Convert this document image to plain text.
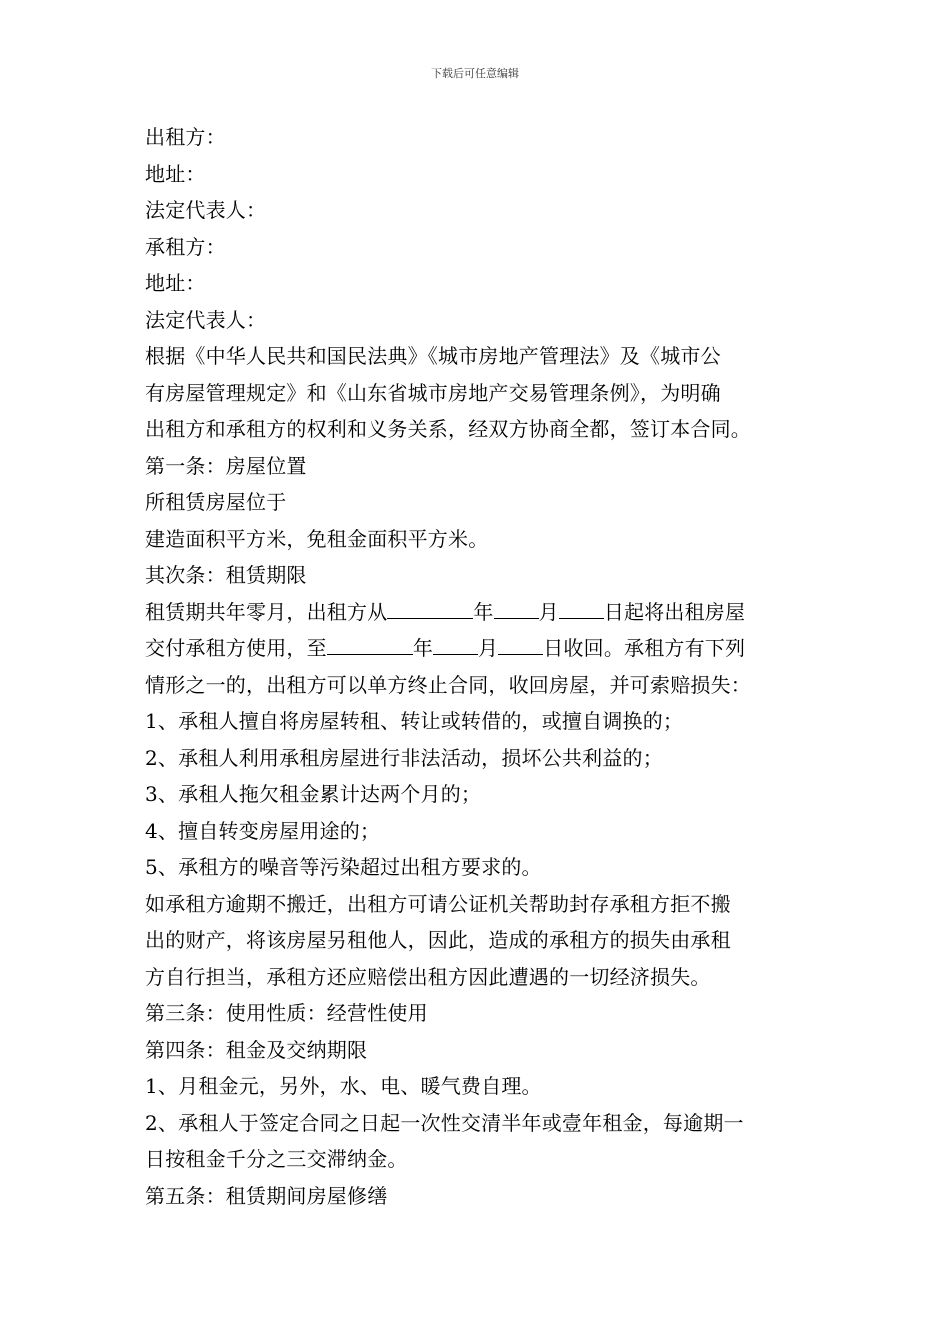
下载后可任意编辑
出租方：
地址：
法定代表人：
承租方：
地址：
法定代表人：
根据《中华人民共和国民法典》《城市房地产管理法》及《城市公
有房屋管理规定》和《山东省城市房地产交易管理条例》，为明确
出租方和承租方的权利和义务关系，经双方协商全都，签订本合同。
第一条：房屋位置
所租赁房屋位于
建造面积平方米，免租金面积平方米。
其次条：租赁期限
租赁期共年零月，出租方从	年 月 日起将出租房屋
交付承租方使用，至	年 月 日收回。承租方有下列
情形之一的，出租方可以单方终止合同，收回房屋，并可索赔损失：
1、承租人擅自将房屋转租、转让或转借的，或擅自调换的；
2、承租人利用承租房屋进行非法活动，损坏公共利益的；
3、承租人拖欠租金累计达两个月的；
4、擅自转变房屋用途的；
5、承租方的噪音等污染超过出租方要求的。
如承租方逾期不搬迁，出租方可请公证机关帮助封存承租方拒不搬
出的财产，将该房屋另租他人，因此，造成的承租方的损失由承租
方自行担当，承租方还应赔偿出租方因此遭遇的一切经济损失。
第三条：使用性质：经营性使用
第四条：租金及交纳期限
1、月租金元，另外，水、电、暖气费自理。
2、承租人于签定合同之日起一次性交清半年或壹年租金，每逾期一
日按租金千分之三交滞纳金。
第五条：租赁期间房屋修缮
